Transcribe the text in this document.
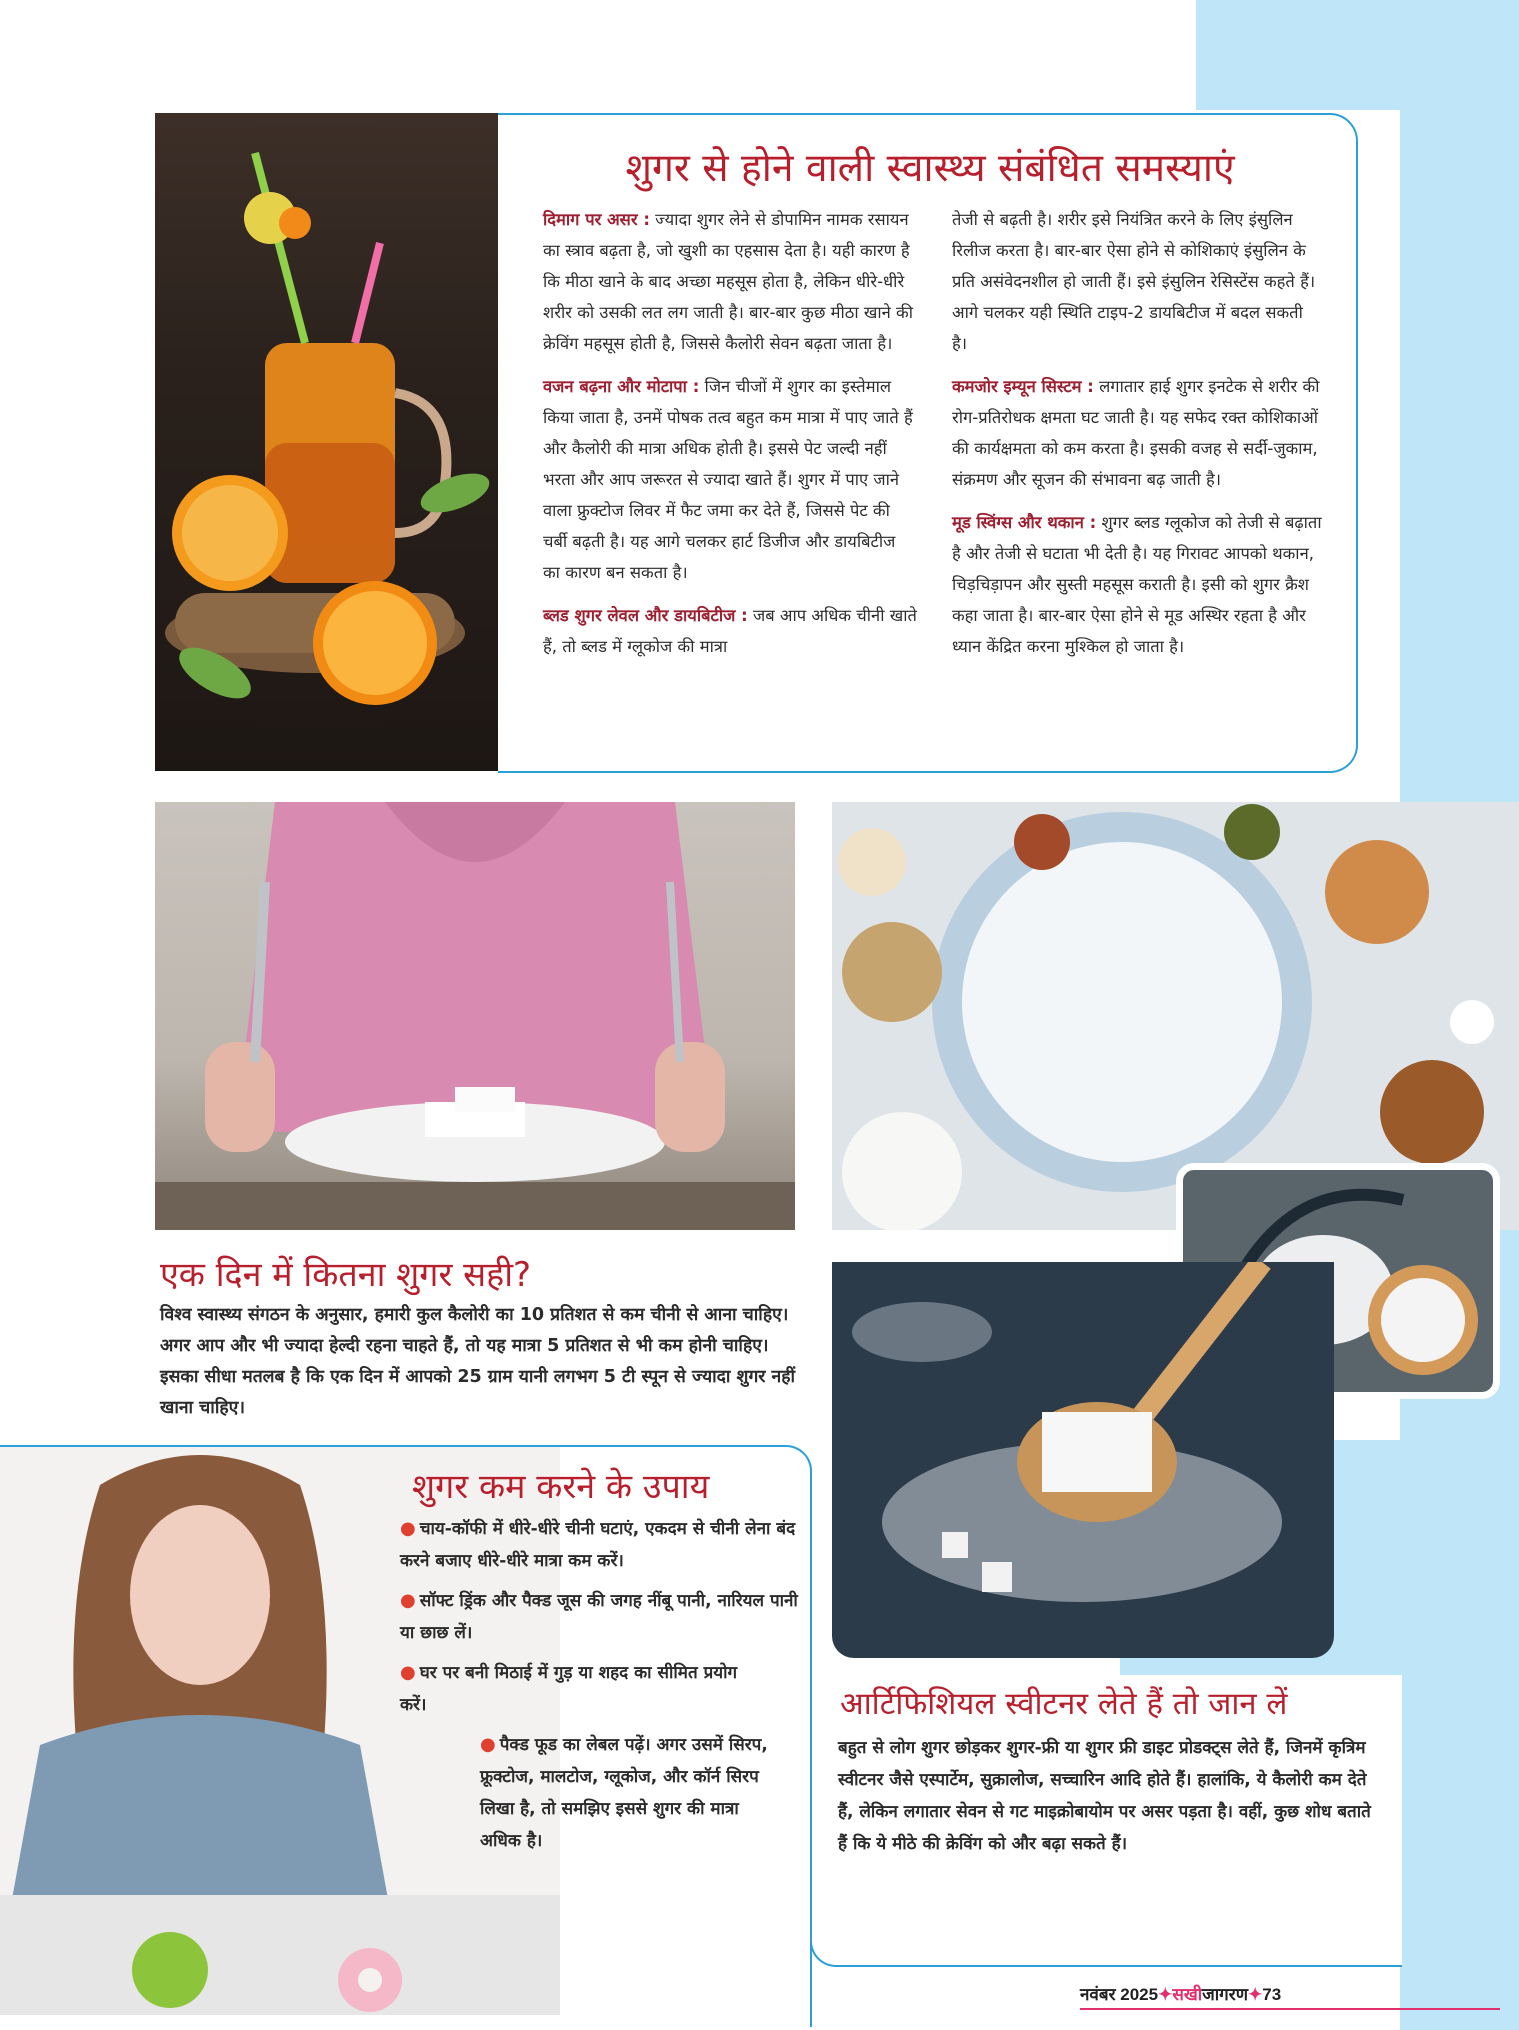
शुगर से होने वाली स्वास्थ्य संबंधित समस्याएं

दिमाग पर असर : ज्यादा शुगर लेने से डोपामिन नामक रसायन का स्त्राव बढ़ता है, जो खुशी का एहसास देता है। यही कारण है कि मीठा खाने के बाद अच्छा महसूस होता है, लेकिन धीरे-धीरे शरीर को उसकी लत लग जाती है। बार-बार कुछ मीठा खाने की क्रेविंग महसूस होती है, जिससे कैलोरी सेवन बढ़ता जाता है।

वजन बढ़ना और मोटापा : जिन चीजों में शुगर का इस्तेमाल किया जाता है, उनमें पोषक तत्व बहुत कम मात्रा में पाए जाते हैं और कैलोरी की मात्रा अधिक होती है। इससे पेट जल्दी नहीं भरता और आप जरूरत से ज्यादा खाते हैं। शुगर में पाए जाने वाला फ्रुक्टोज लिवर में फैट जमा कर देते हैं, जिससे पेट की चर्बी बढ़ती है। यह आगे चलकर हार्ट डिजीज और डायबिटीज का कारण बन सकता है।

ब्लड शुगर लेवल और डायबिटीज : जब आप अधिक चीनी खाते हैं, तो ब्लड में ग्लूकोज की मात्रा

तेजी से बढ़ती है। शरीर इसे नियंत्रित करने के लिए इंसुलिन रिलीज करता है। बार-बार ऐसा होने से कोशिकाएं इंसुलिन के प्रति असंवेदनशील हो जाती हैं। इसे इंसुलिन रेसिस्टेंस कहते हैं। आगे चलकर यही स्थिति टाइप-2 डायबिटीज में बदल सकती है।

कमजोर इम्यून सिस्टम : लगातार हाई शुगर इनटेक से शरीर की रोग-प्रतिरोधक क्षमता घट जाती है। यह सफेद रक्त कोशिकाओं की कार्यक्षमता को कम करता है। इसकी वजह से सर्दी-जुकाम, संक्रमण और सूजन की संभावना बढ़ जाती है।

मूड स्विंग्स और थकान : शुगर ब्लड ग्लूकोज को तेजी से बढ़ाता है और तेजी से घटाता भी देती है। यह गिरावट आपको थकान, चिड़चिड़ापन और सुस्ती महसूस कराती है। इसी को शुगर क्रैश कहा जाता है। बार-बार ऐसा होने से मूड अस्थिर रहता है और ध्यान केंद्रित करना मुश्किल हो जाता है।

एक दिन में कितना शुगर सही?
विश्व स्वास्थ्य संगठन के अनुसार, हमारी कुल कैलोरी का 10 प्रतिशत से कम चीनी से आना चाहिए। अगर आप और भी ज्यादा हेल्दी रहना चाहते हैं, तो यह मात्रा 5 प्रतिशत से भी कम होनी चाहिए। इसका सीधा मतलब है कि एक दिन में आपको 25 ग्राम यानी लगभग 5 टी स्पून से ज्यादा शुगर नहीं खाना चाहिए।
शुगर कम करने के उपाय
● चाय-कॉफी में धीरे-धीरे चीनी घटाएं, एकदम से चीनी लेना बंद करने बजाए धीरे-धीरे मात्रा कम करें।
● सॉफ्ट ड्रिंक और पैक्ड जूस की जगह नींबू पानी, नारियल पानी या छाछ लें।
● घर पर बनी मिठाई में गुड़ या शहद का सीमित प्रयोग करें।
● पैक्ड फूड का लेबल पढ़ें। अगर उसमें सिरप, फ्रूक्टोज, मालटोज, ग्लूकोज, और कॉर्न सिरप लिखा है, तो समझिए इससे शुगर की मात्रा अधिक है।
आर्टिफिशियल स्वीटनर लेते हैं तो जान लें
बहुत से लोग शुगर छोड़कर शुगर-फ्री या शुगर फ्री डाइट प्रोडक्ट्स लेते हैं, जिनमें कृत्रिम स्वीटनर जैसे एस्पार्टेम, सुक्रालोज, सच्चारिन आदि होते हैं। हालांकि, ये कैलोरी कम देते हैं, लेकिन लगातार सेवन से गट माइक्रोबायोम पर असर पड़ता है। वहीं, कुछ शोध बताते हैं कि ये मीठे की क्रेविंग को और बढ़ा सकते हैं।
नवंबर 2025✦सखीजागरण✦73
